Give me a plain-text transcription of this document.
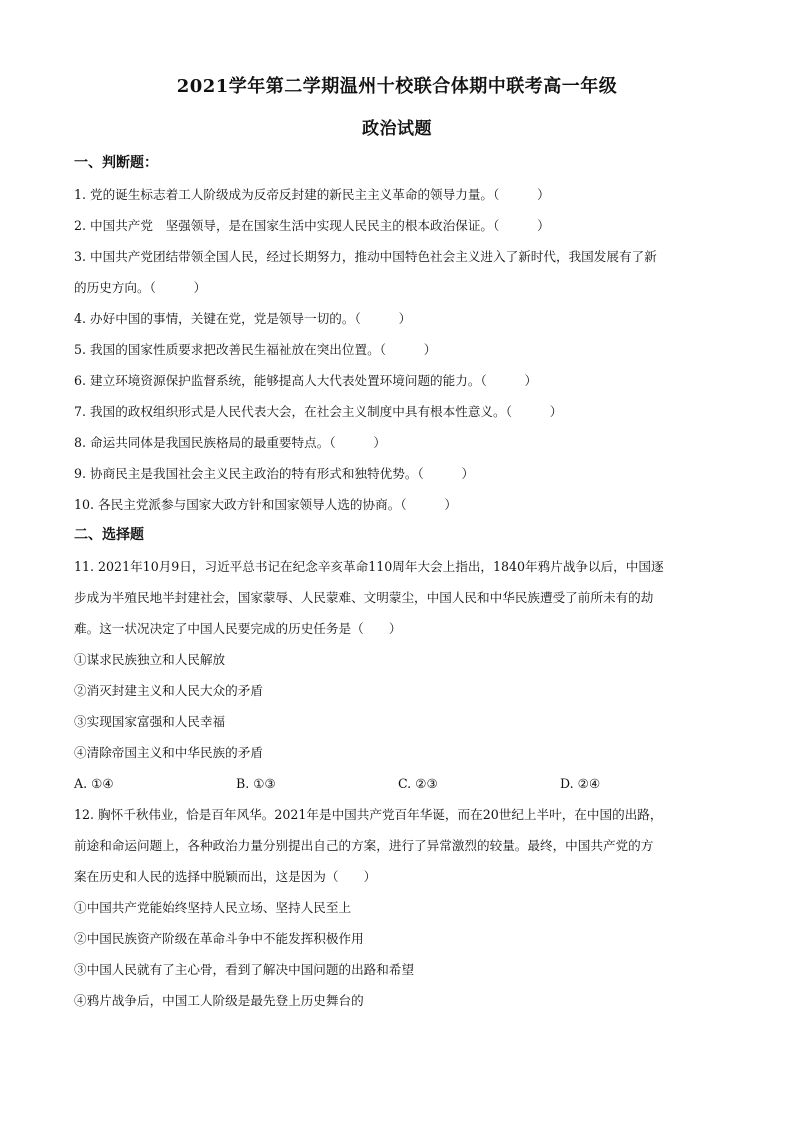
2021学年第二学期温州十校联合体期中联考高一年级
政治试题
一、判断题：
1. 党的诞生标志着工人阶级成为反帝反封建的新民主主义革命的领导力量。（　　　）
2. 中国共产党　坚强领导，是在国家生活中实现人民民主的根本政治保证。（　　　）
3. 中国共产党团结带领全国人民，经过长期努力，推动中国特色社会主义进入了新时代，我国发展有了新
的历史方向。（　　　）
4. 办好中国的事情，关键在党，党是领导一切的。（　　　）
5. 我国的国家性质要求把改善民生福祉放在突出位置。（　　　）
6. 建立环境资源保护监督系统，能够提高人大代表处置环境问题的能力。（　　　）
7. 我国的政权组织形式是人民代表大会，在社会主义制度中具有根本性意义。（　　　）
8. 命运共同体是我国民族格局的最重要特点。（　　　）
9. 协商民主是我国社会主义民主政治的特有形式和独特优势。（　　　）
10. 各民主党派参与国家大政方针和国家领导人选的协商。（　　　）
二、选择题
11. 2021年10月9日，习近平总书记在纪念辛亥革命110周年大会上指出，1840年鸦片战争以后，中国逐
步成为半殖民地半封建社会，国家蒙辱、人民蒙难、文明蒙尘，中国人民和中华民族遭受了前所未有的劫
难。这一状况决定了中国人民要完成的历史任务是（　　）
①谋求民族独立和人民解放
②消灭封建主义和人民大众的矛盾
③实现国家富强和人民幸福
④清除帝国主义和中华民族的矛盾
A. ①④	B. ①③	C. ②③	D. ②④
12. 胸怀千秋伟业，恰是百年风华。2021年是中国共产党百年华诞，而在20世纪上半叶，在中国的出路，
前途和命运问题上，各种政治力量分别提出自己的方案，进行了异常激烈的较量。最终，中国共产党的方
案在历史和人民的选择中脱颖而出，这是因为（　　）
①中国共产党能始终坚持人民立场、坚持人民至上
②中国民族资产阶级在革命斗争中不能发挥积极作用
③中国人民就有了主心骨，看到了解决中国问题的出路和希望
④鸦片战争后，中国工人阶级是最先登上历史舞台的
